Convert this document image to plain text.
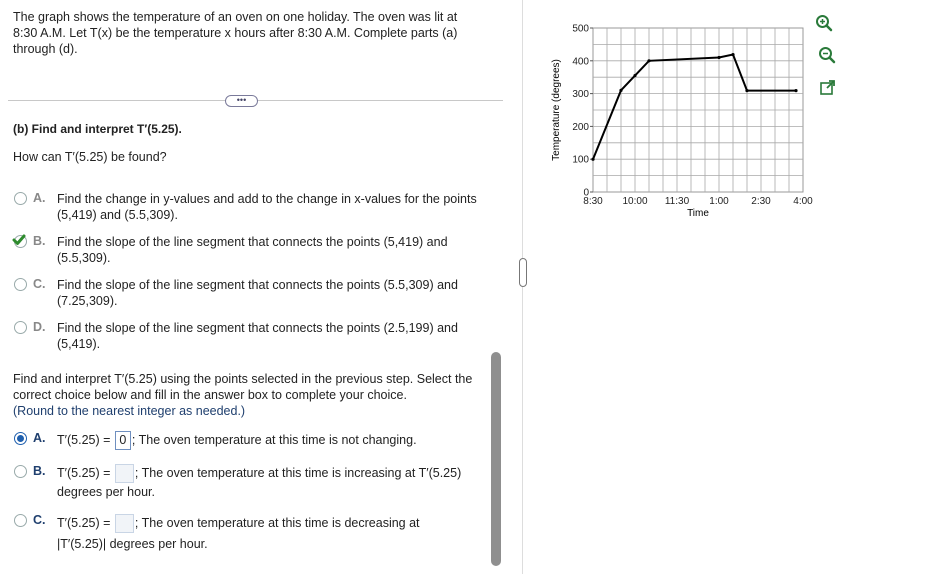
The graph shows the temperature of an oven on one holiday. The oven was lit at 8:30 A.M. Let T(x) be the temperature x hours after 8:30 A.M. Complete parts (a) through (d).
•••
(b) Find and interpret T′(5.25).
How can T′(5.25) be found?
A. Find the change in y-values and add to the change in x-values for the points (5,419) and (5.5,309).
B. Find the slope of the line segment that connects the points (5,419) and (5.5,309).
C. Find the slope of the line segment that connects the points (5.5,309) and (7.25,309).
D. Find the slope of the line segment that connects the points (2.5,199) and (5,419).
Find and interpret T′(5.25) using the points selected in the previous step. Select the correct choice below and fill in the answer box to complete your choice.
(Round to the nearest integer as needed.)
A. T′(5.25) = 0 ; The oven temperature at this time is not changing.
B. T′(5.25) = ; The oven temperature at this time is increasing at T′(5.25)
degrees per hour.
C. T′(5.25) = ; The oven temperature at this time is decreasing at
|T′(5.25)| degrees per hour.
8:30 10:00 11:30 1:00 2:30 4:00
0
100
200
300
400
500
Time
Temperature (degrees)
